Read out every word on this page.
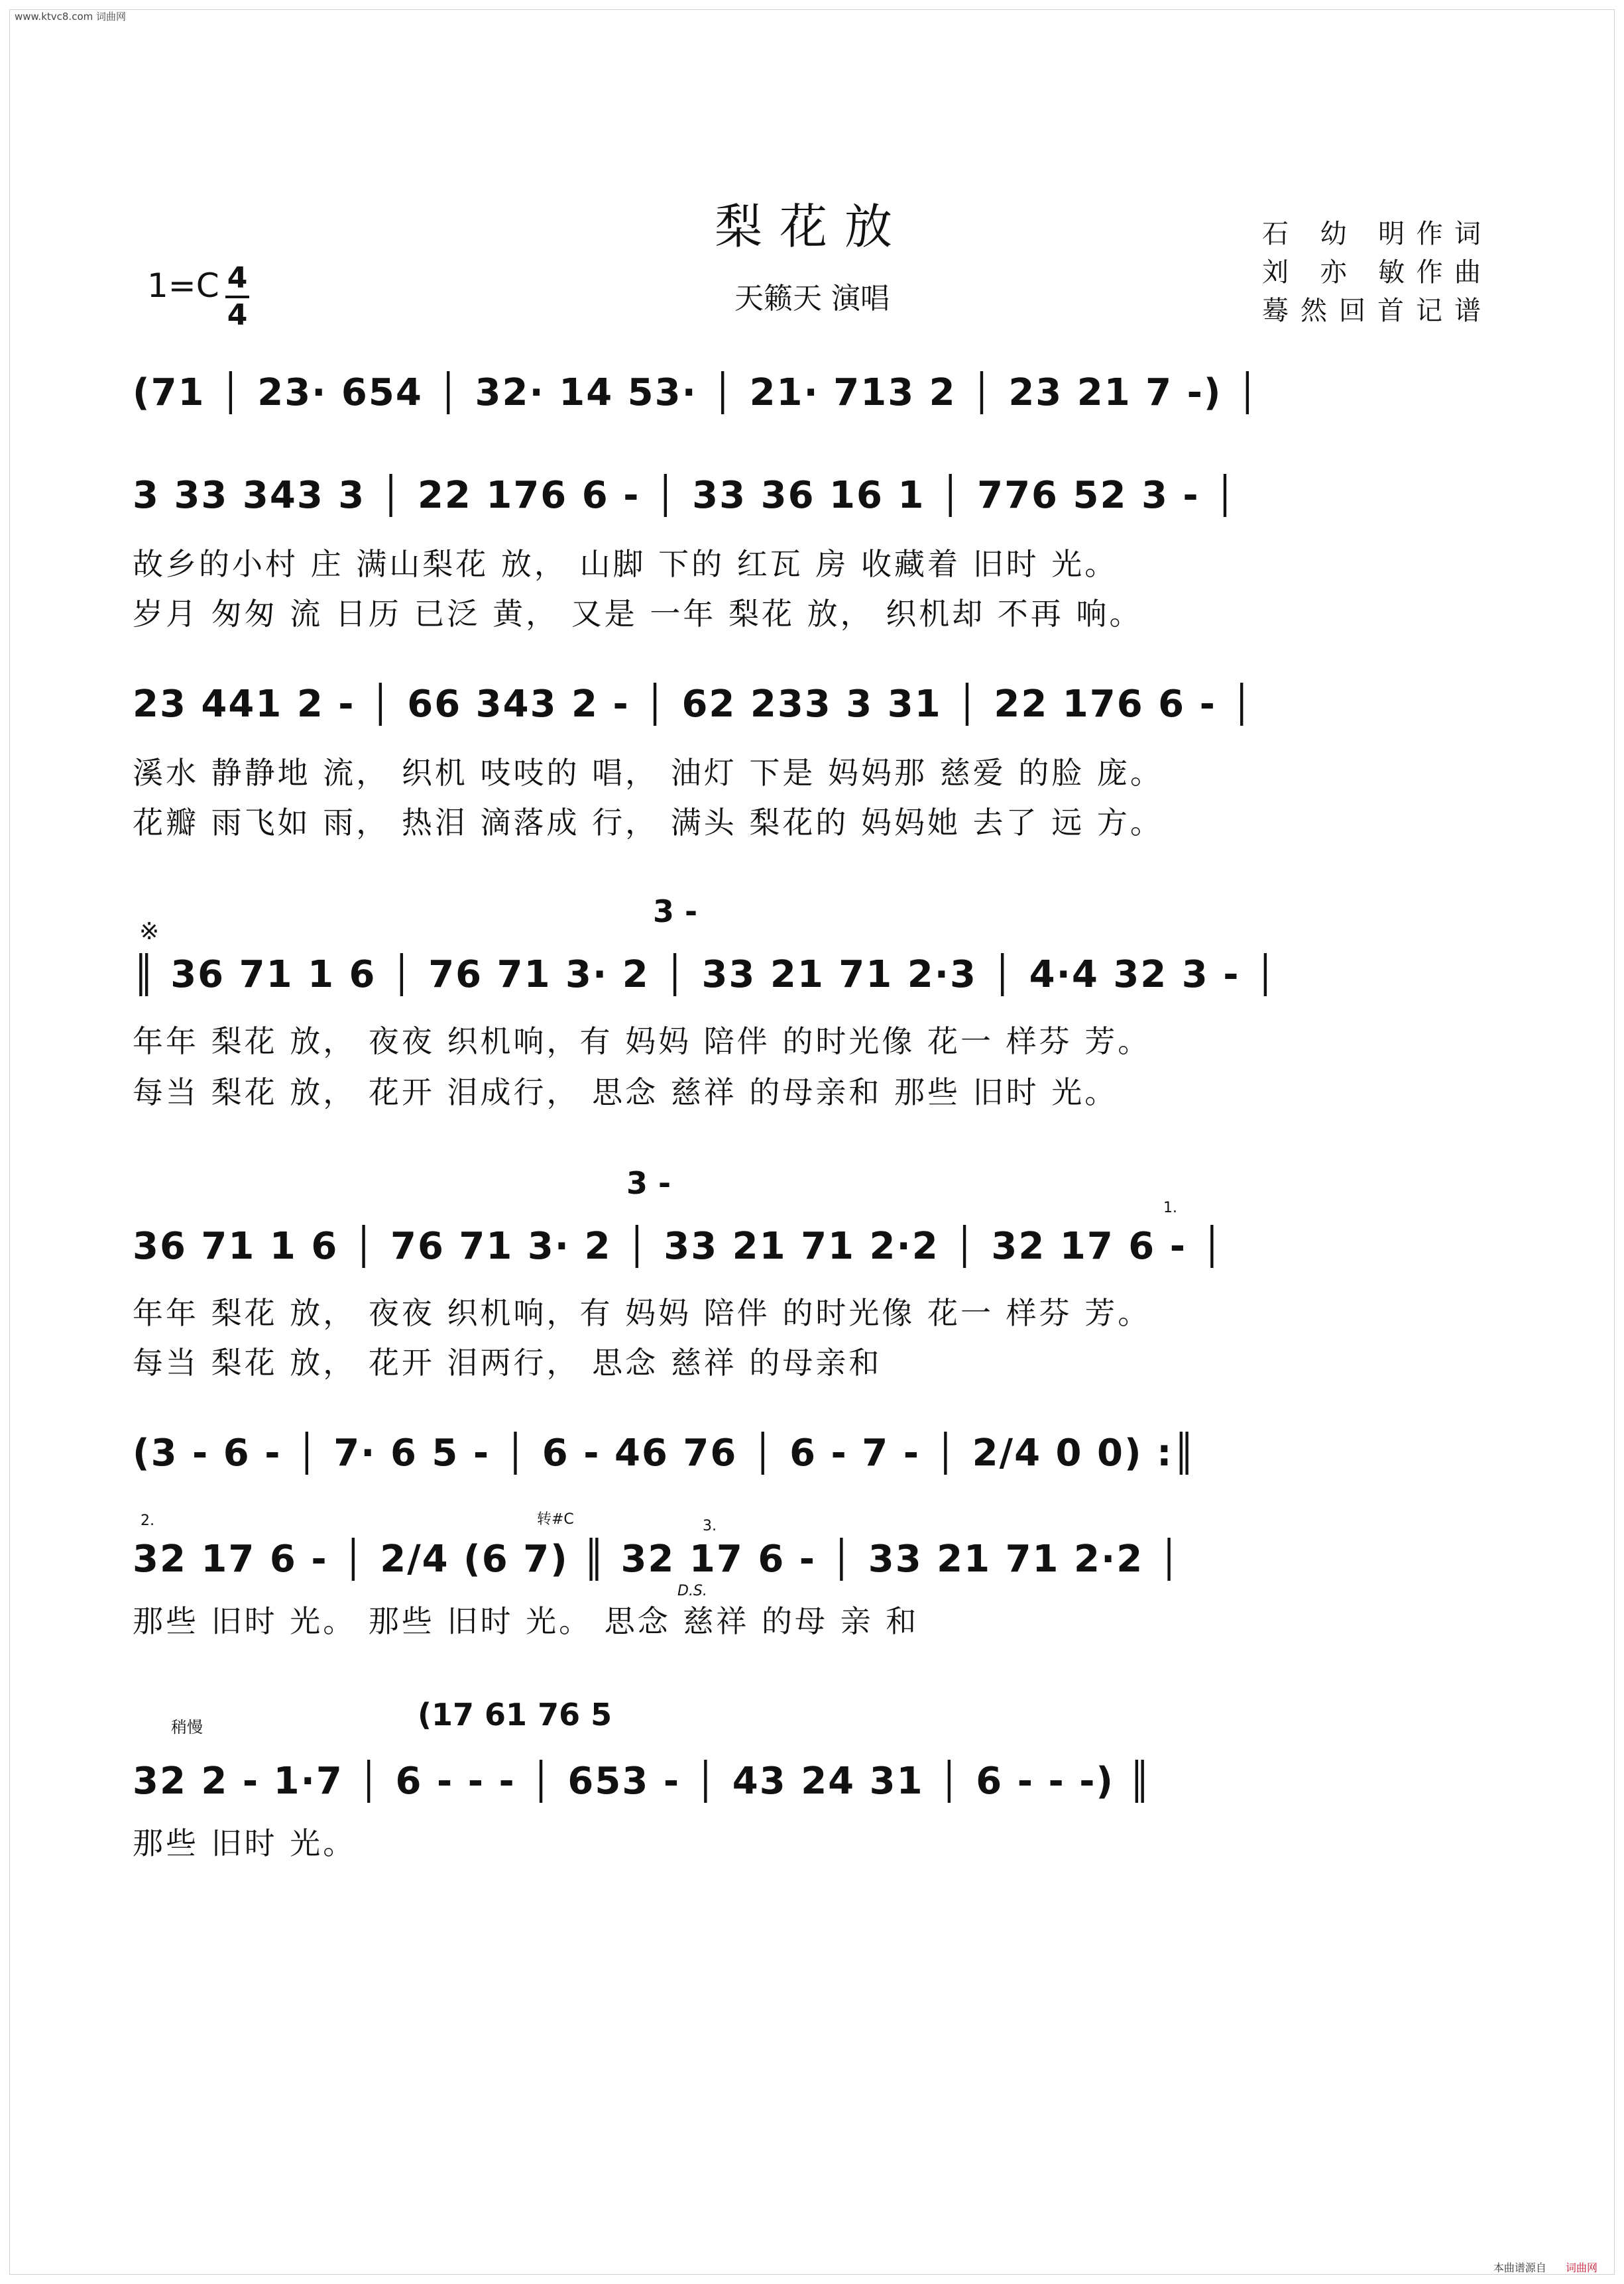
www.ktvc8.com 词曲网
梨花放
天籁天 演唱
1=C 4
4
石 幼 明作词
刘 亦 敏作曲
蓦然回首记谱
(71 │ 23· 654 │ 32· 14 53· │ 21· 713 2 │ 23 21 7 -) │
3 33 343 3 │ 22 176 6 - │ 33 36 16 1 │ 776 52 3 - │
故乡的小村 庄 满山梨花 放， 山脚 下的 红瓦 房 收藏着 旧时 光。
岁月 匆匆 流 日历 已泛 黄， 又是 一年 梨花 放， 织机却 不再 响。
23 441 2 - │ 66 343 2 - │ 62 233 3 31 │ 22 176 6 - │
溪水 静静地 流， 织机 吱吱的 唱， 油灯 下是 妈妈那 慈爱 的脸 庞。
花瓣 雨飞如 雨， 热泪 滴落成 行， 满头 梨花的 妈妈她 去了 远 方。
3 -
※
║ 36 71 1 6 │ 76 71 3· 2 │ 33 21 71 2·3 │ 4·4 32 3 - │
年年 梨花 放， 夜夜 织机响，有 妈妈 陪伴 的时光像 花一 样芬 芳。
每当 梨花 放， 花开 泪成行， 思念 慈祥 的母亲和 那些 旧时 光。
3 -
1.
36 71 1 6 │ 76 71 3· 2 │ 33 21 71 2·2 │ 32 17 6 - │
年年 梨花 放， 夜夜 织机响，有 妈妈 陪伴 的时光像 花一 样芬 芳。
每当 梨花 放， 花开 泪两行， 思念 慈祥 的母亲和
(3 - 6 - │ 7· 6 5 - │ 6 - 46 76 │ 6 - 7 - │ 2/4 0 0) :║
2.	转#C
D.S.
3.
32 17 6 - │ 2/4 (6 7) ║ 32 17 6 - │ 33 21 71 2·2 │
那些 旧时 光。 那些 旧时 光。 思念 慈祥 的母 亲 和
(17 61 76 5
稍慢
32 2 - 1·7 │ 6 - - - │ 653 - │ 43 24 31 │ 6 - - -) ║
那些 旧时 光。
本曲谱源自 词曲网
